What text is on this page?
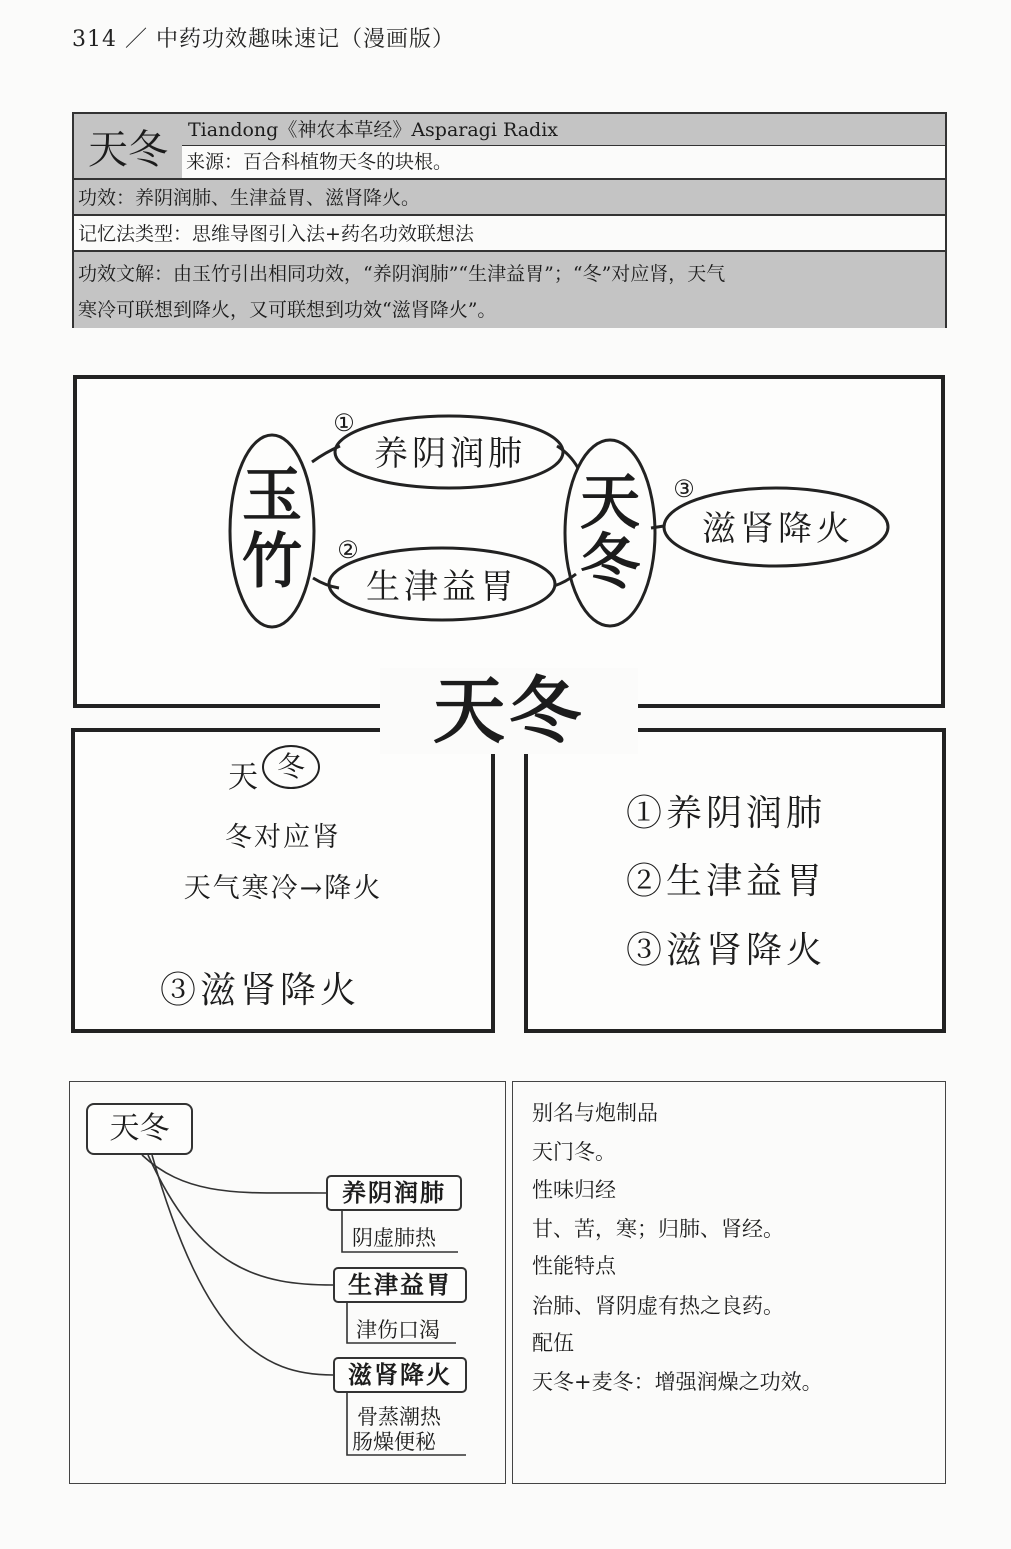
314 ／ 中药功效趣味速记（漫画版）
天冬	Tiandong《神农本草经》Asparagi Radix
来源：百合科植物天冬的块根。
功效：养阴润肺、生津益胃、滋肾降火。
记忆法类型：思维导图引入法+药名功效联想法
功效文解：由玉竹引出相同功效，“养阴润肺”“生津益胃”；“冬”对应肾，天气
寒冷可联想到降火，又可联想到功效“滋肾降火”。
玉
竹
天
冬
①
②
③
养阴润肺
生津益胃
滋肾降火
天冬
天 冬
冬对应肾
天气寒冷→降火
③滋肾降火
①养阴润肺
②生津益胃
③滋肾降火
天冬
养阴润肺
生津益胃
滋肾降火
阴虚肺热
津伤口渴
骨蒸潮热
肠燥便秘
别名与炮制品
天门冬。
性味归经
甘、苦，寒；归肺、肾经。
性能特点
治肺、肾阴虚有热之良药。
配伍
天冬+麦冬：增强润燥之功效。
